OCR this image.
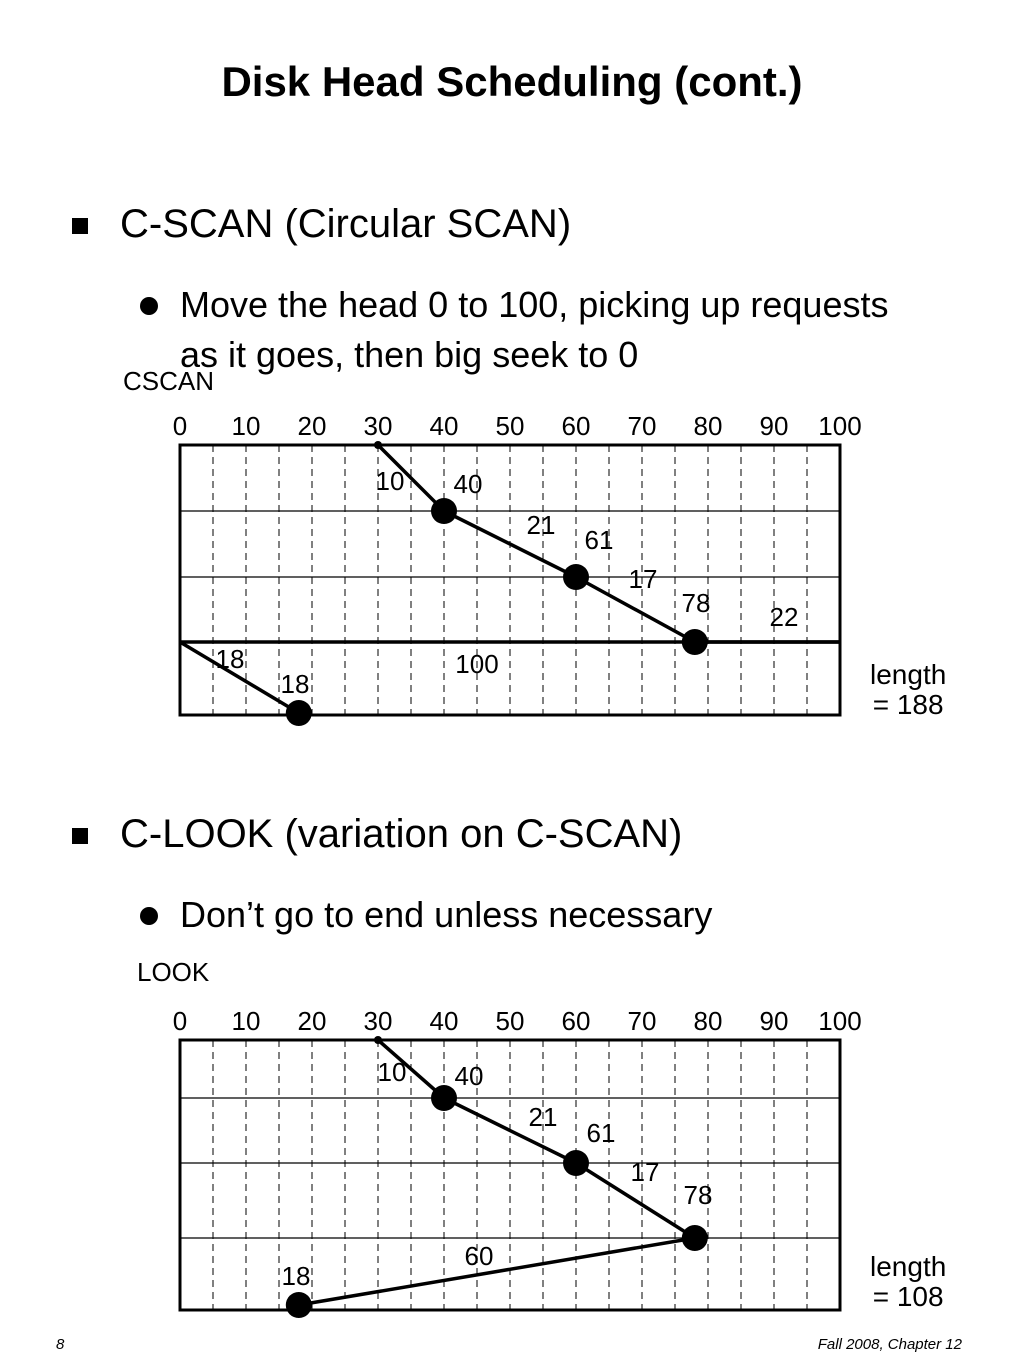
Disk Head Scheduling (cont.)
C-SCAN (Circular SCAN)
Move the head 0 to 100, picking up requests as it goes, then big seek to 0
CSCAN
0 10 20 30 40 50 60 70 80 90 100
40
61
78
18
10
21
17
22
100
18	length
= 188
C-LOOK (variation on C-SCAN)
Don’t go to end unless necessary
LOOK
0 10 20 30 40 50 60 70 80 90 100
40
61
78
18
10
21
17
60	length
= 108
8	Fall 2008, Chapter 12
